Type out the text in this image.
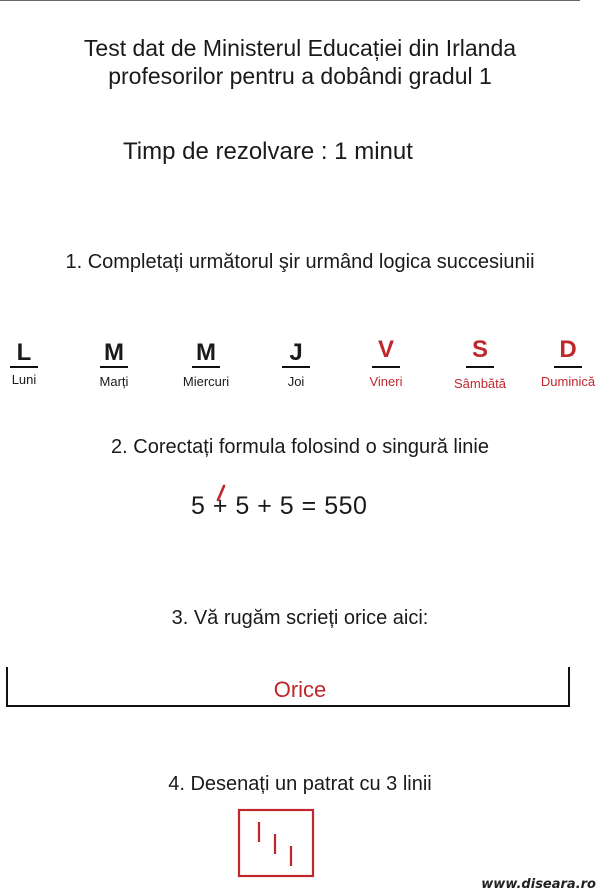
Test dat de Ministerul Educației din Irlanda
profesorilor pentru a dobândi gradul 1
Timp de rezolvare : 1 minut
1. Completați următorul şir urmând logica succesiunii
L
Luni
M
Marți
M
Miercuri
J
Joi
V
Vineri
S
Sâmbătă
D
Duminică
2. Corectați formula folosind o singură linie
5 +
5 + 5 = 550
3. Vă rugăm scrieți orice aici:
Orice
4. Desenați un patrat cu 3 linii
www.diseara.ro
